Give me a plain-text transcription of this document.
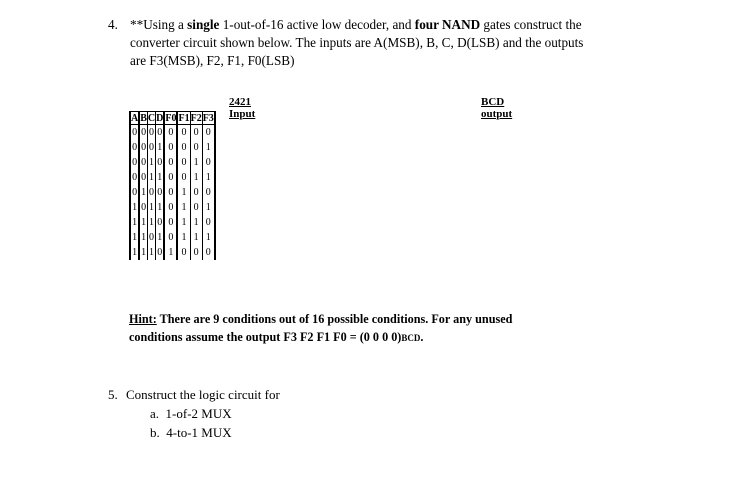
4. **Using a single 1-out-of-16 active low decoder, and four NAND gates construct the
converter circuit shown below. The inputs are A(MSB), B, C, D(LSB) and the outputs
are F3(MSB), F2, F1, F0(LSB)
2421 Input
BCD output
A	B	C	D	F0	F1	F2	F3
0	0	0	0	0	0	0	0
0	0	0	1	0	0	0	1
0	0	1	0	0	0	1	0
0	0	1	1	0	0	1	1
0	1	0	0	0	1	0	0
1	0	1	1	0	1	0	1
1	1	1	0	0	1	1	0
1	1	0	1	0	1	1	1
1	1	1	0	1	0	0	0
Hint: There are 9 conditions out of 16 possible conditions. For any unused
conditions assume the output F3 F2 F1 F0 = (0 0 0 0)BCD.
5. Construct the logic circuit for
a. 1-of-2 MUX
b. 4-to-1 MUX
